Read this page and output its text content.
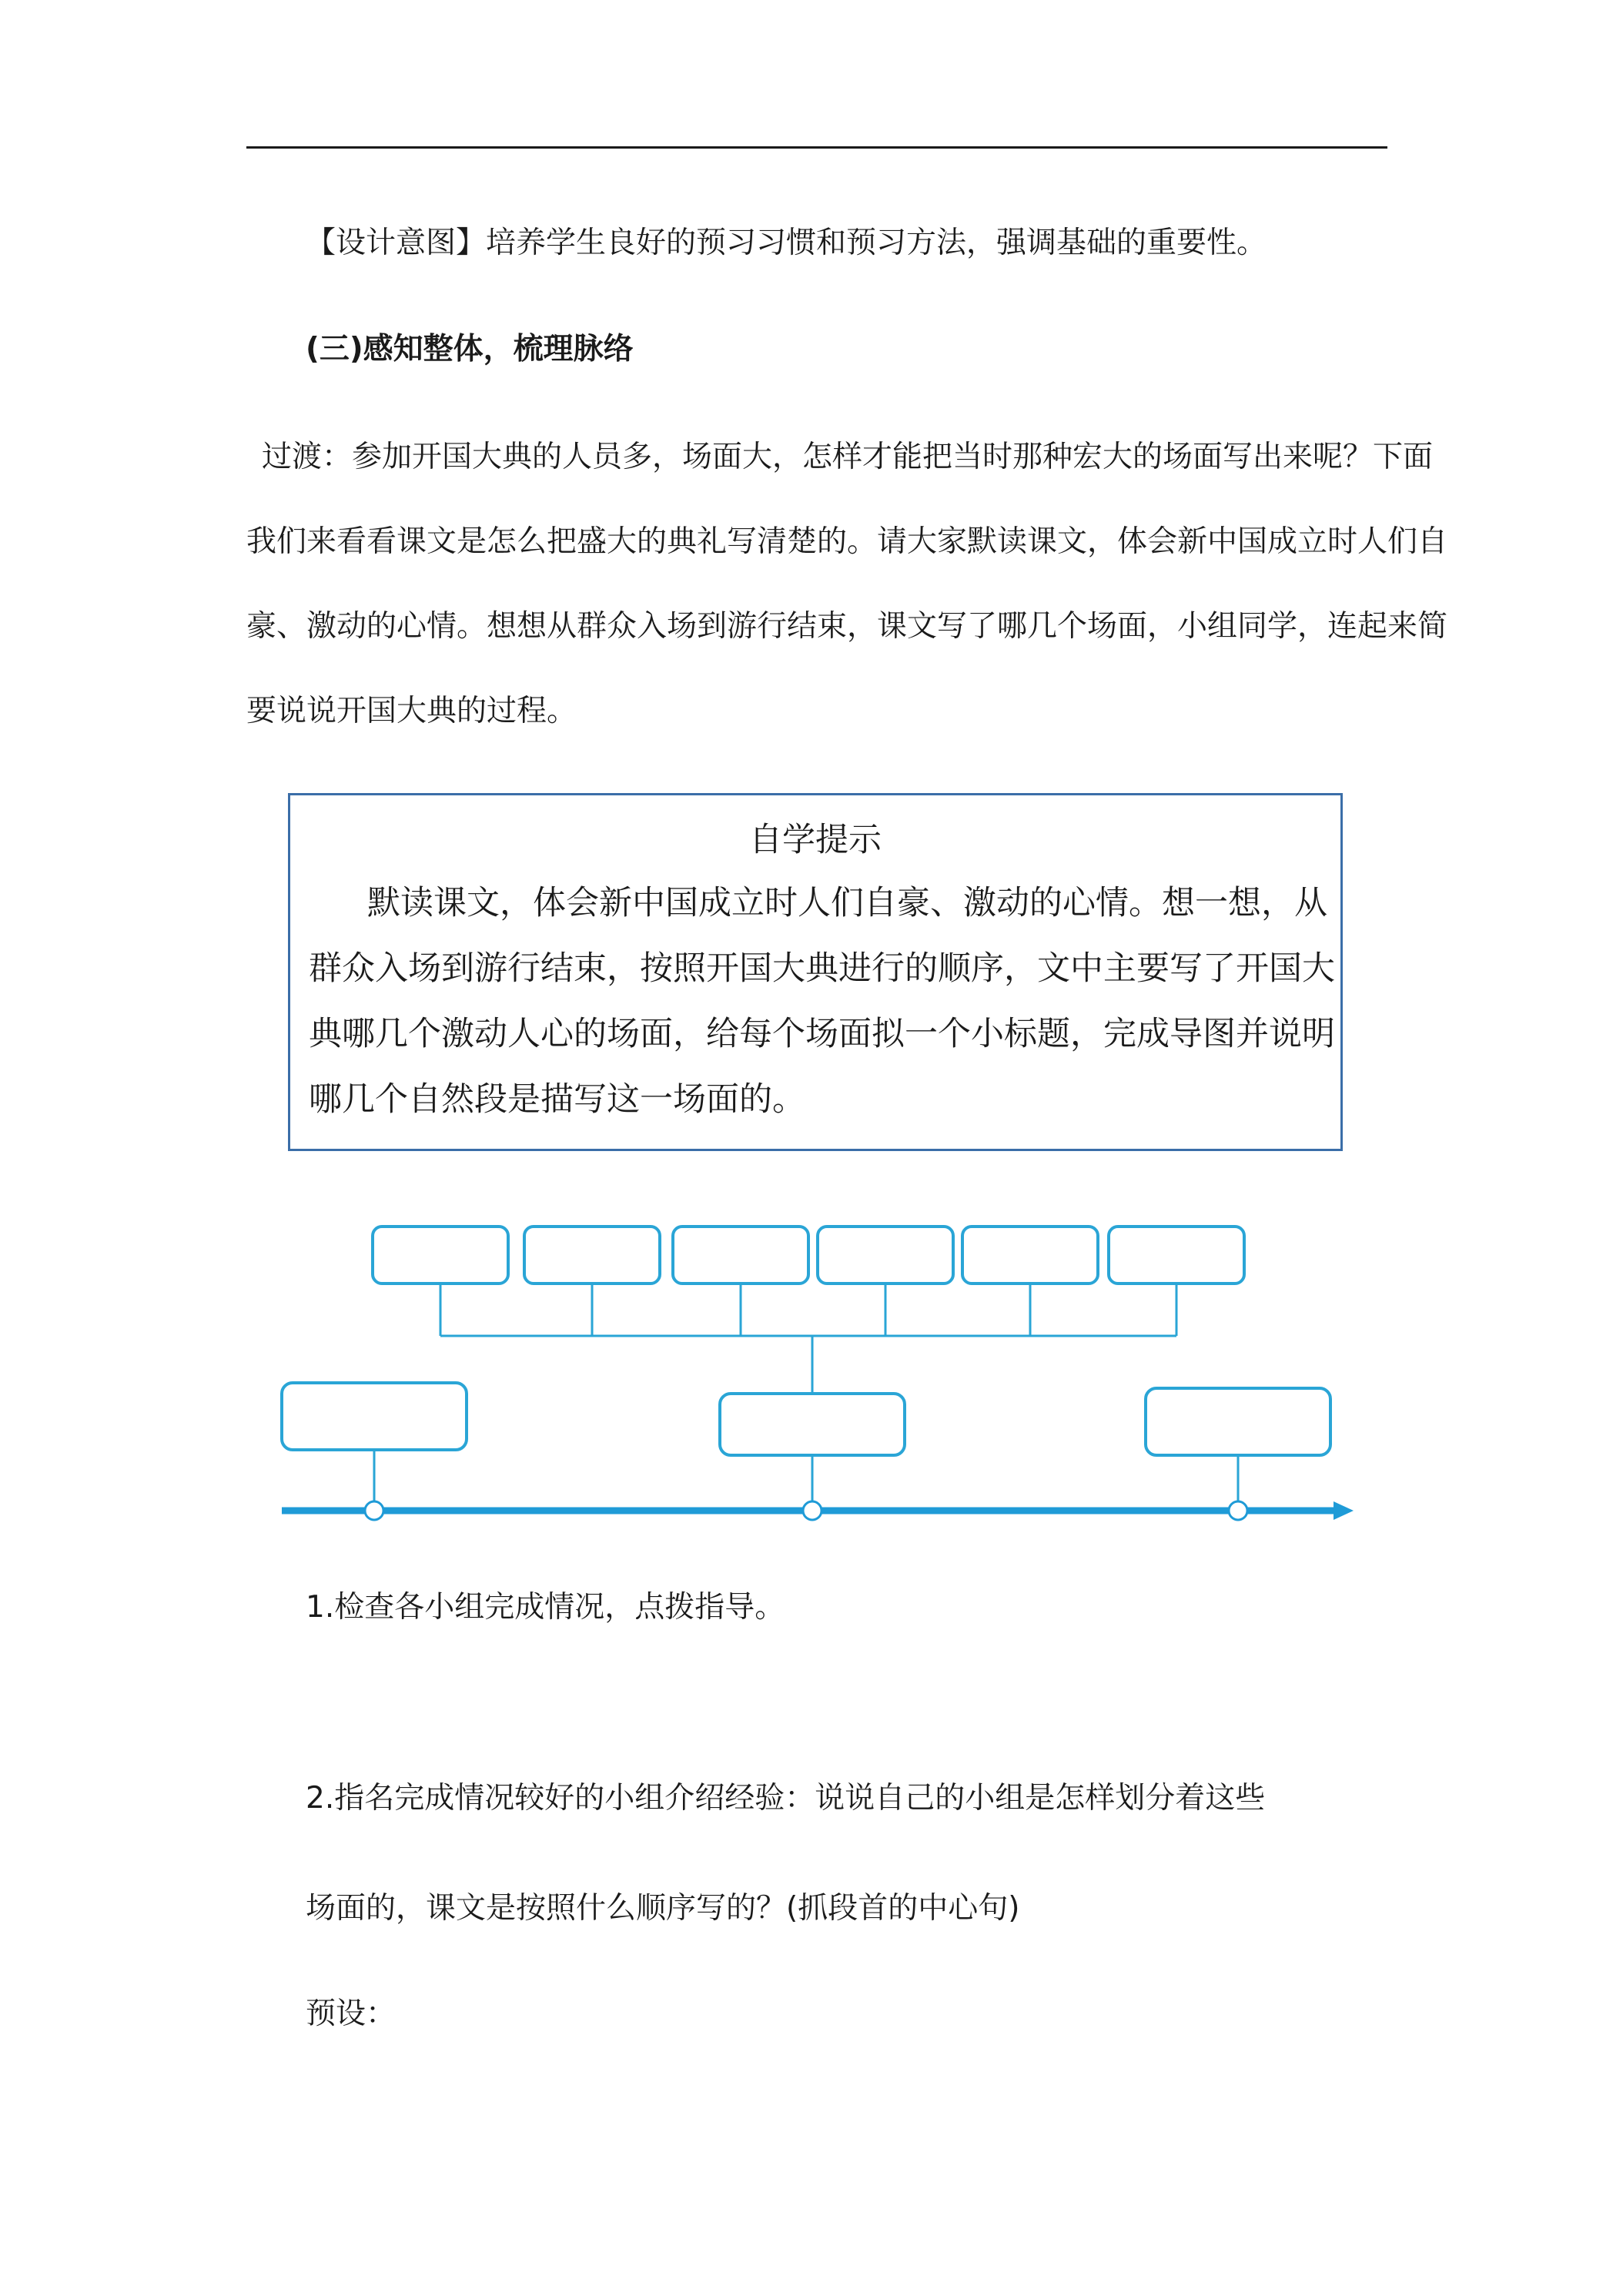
【设计意图】培养学生良好的预习习惯和预习方法，强调基础的重要性。
(三)感知整体，梳理脉络
过渡：参加开国大典的人员多，场面大，怎样才能把当时那种宏大的场面写出来呢？下面
我们来看看课文是怎么把盛大的典礼写清楚的。请大家默读课文，体会新中国成立时人们自
豪、激动的心情。想想从群众入场到游行结束，课文写了哪几个场面，小组同学，连起来简
要说说开国大典的过程。
自学提示
默读课文，体会新中国成立时人们自豪、激动的心情。想一想，从
群众入场到游行结束，按照开国大典进行的顺序，文中主要写了开国大
典哪几个激动人心的场面，给每个场面拟一个小标题，完成导图并说明
哪几个自然段是描写这一场面的。
1.检查各小组完成情况，点拨指导。
2.指名完成情况较好的小组介绍经验：说说自己的小组是怎样划分着这些
场面的，课文是按照什么顺序写的？(抓段首的中心句)
预设：
